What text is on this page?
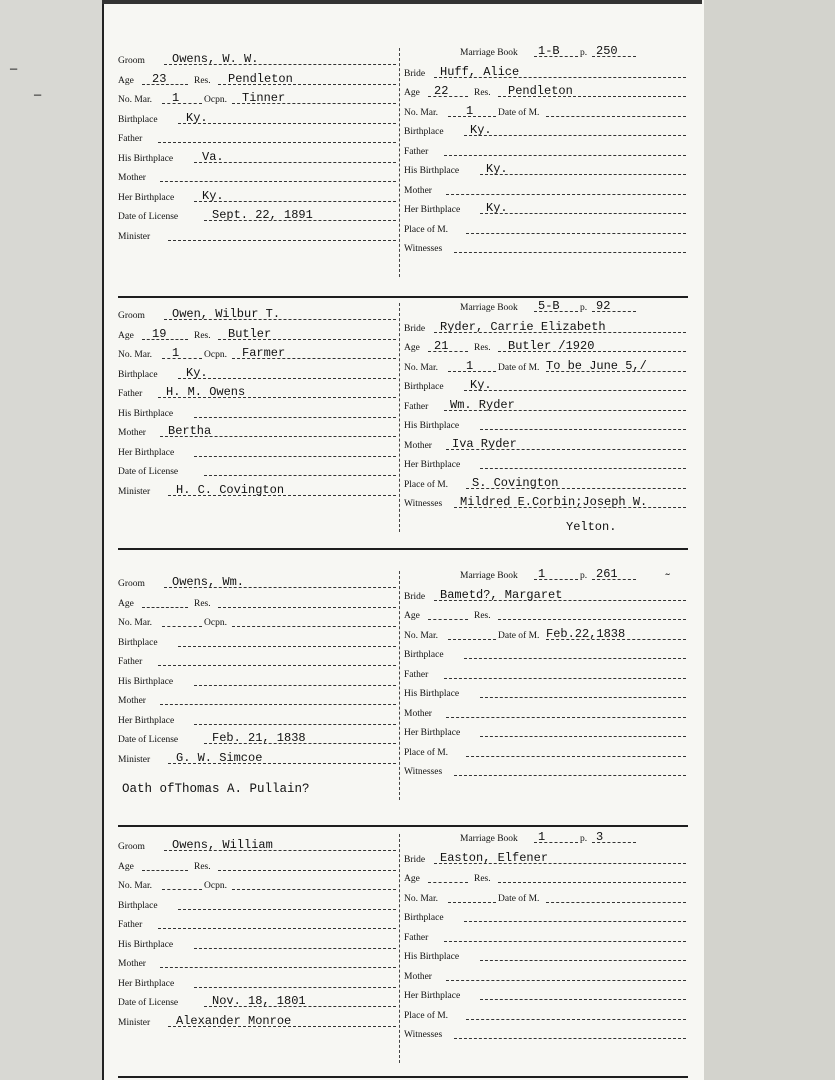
—
—
˜
Groom Owens, W. W.
Age 23	Res. Pendleton
No. Mar. 1	Ocpn. Tinner
Birthplace Ky.
Father
His Birthplace Va.
Mother
Her Birthplace Ky.
Date of License	Sept. 22, 1891
Minister
Marriage Book 1-B p. 250
Bride Huff, Alice
Age 22	Res. Pendleton
No. Mar. 1	Date of M.
Birthplace Ky.
Father
His Birthplace Ky.
Mother
Her Birthplace Ky.
Place of M.
Witnesses
Groom Owen, Wilbur T.
Age 19	Res. Butler
No. Mar. 1	Ocpn. Farmer
Birthplace Ky.
Father H. M. Owens
His Birthplace
Mother Bertha
Her Birthplace
Date of License
Minister H. C. Covington
Marriage Book 5-B p. 92
Bride Ryder, Carrie Elizabeth
Age 21	Res. Butler /1920
No. Mar. 1	Date of M. To be June 5,/
Birthplace Ky.
Father Wm. Ryder
His Birthplace
Mother Iva Ryder
Her Birthplace
Place of M. S. Covington
Witnesses Mildred E.Corbin;Joseph W.
Yelton.
Groom Owens, Wm.
Age	Res.
No. Mar.	Ocpn.
Birthplace
Father
His Birthplace
Mother
Her Birthplace
Date of License	Feb. 21, 1838
Minister G. W. Simcoe
Marriage Book 1	p. 261
Bride Bametd?, Margaret
Age	Res.
No. Mar.	Date of M. Feb.22,1838
Birthplace
Father
His Birthplace
Mother
Her Birthplace
Place of M.
Witnesses
Oath ofThomas A. Pullain?
Groom Owens, William
Age	Res.
No. Mar.	Ocpn.
Birthplace
Father
His Birthplace
Mother
Her Birthplace
Date of License	Nov. 18, 1801
Minister Alexander Monroe
Marriage Book 1	p. 3
Bride Easton, Elfener
Age	Res.
No. Mar.	Date of M.
Birthplace
Father
His Birthplace
Mother
Her Birthplace
Place of M.
Witnesses
